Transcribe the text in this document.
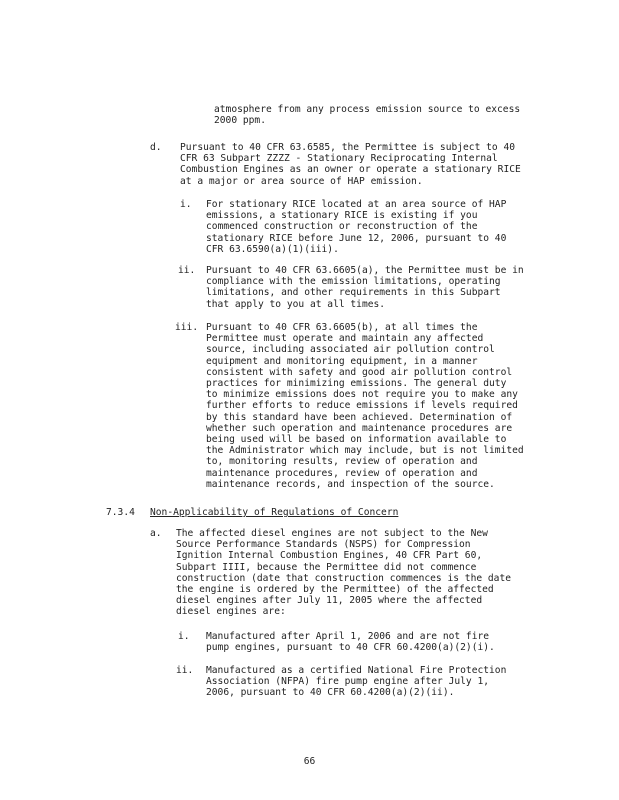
atmosphere from any process emission source to excess
2000 ppm.
d. Pursuant to 40 CFR 63.6585, the Permittee is subject to 40
CFR 63 Subpart ZZZZ - Stationary Reciprocating Internal
Combustion Engines as an owner or operate a stationary RICE
at a major or area source of HAP emission.
i. For stationary RICE located at an area source of HAP
emissions, a stationary RICE is existing if you
commenced construction or reconstruction of the
stationary RICE before June 12, 2006, pursuant to 40
CFR 63.6590(a)(1)(iii).
ii. Pursuant to 40 CFR 63.6605(a), the Permittee must be in
compliance with the emission limitations, operating
limitations, and other requirements in this Subpart
that apply to you at all times.
iii. Pursuant to 40 CFR 63.6605(b), at all times the
Permittee must operate and maintain any affected
source, including associated air pollution control
equipment and monitoring equipment, in a manner
consistent with safety and good air pollution control
practices for minimizing emissions. The general duty
to minimize emissions does not require you to make any
further efforts to reduce emissions if levels required
by this standard have been achieved. Determination of
whether such operation and maintenance procedures are
being used will be based on information available to
the Administrator which may include, but is not limited
to, monitoring results, review of operation and
maintenance procedures, review of operation and
maintenance records, and inspection of the source.
7.3.4 Non-Applicability of Regulations of Concern
a. The affected diesel engines are not subject to the New
Source Performance Standards (NSPS) for Compression
Ignition Internal Combustion Engines, 40 CFR Part 60,
Subpart IIII, because the Permittee did not commence
construction (date that construction commences is the date
the engine is ordered by the Permittee) of the affected
diesel engines after July 11, 2005 where the affected
diesel engines are:
i. Manufactured after April 1, 2006 and are not fire
pump engines, pursuant to 40 CFR 60.4200(a)(2)(i).
ii. Manufactured as a certified National Fire Protection
Association (NFPA) fire pump engine after July 1,
2006, pursuant to 40 CFR 60.4200(a)(2)(ii).
66
